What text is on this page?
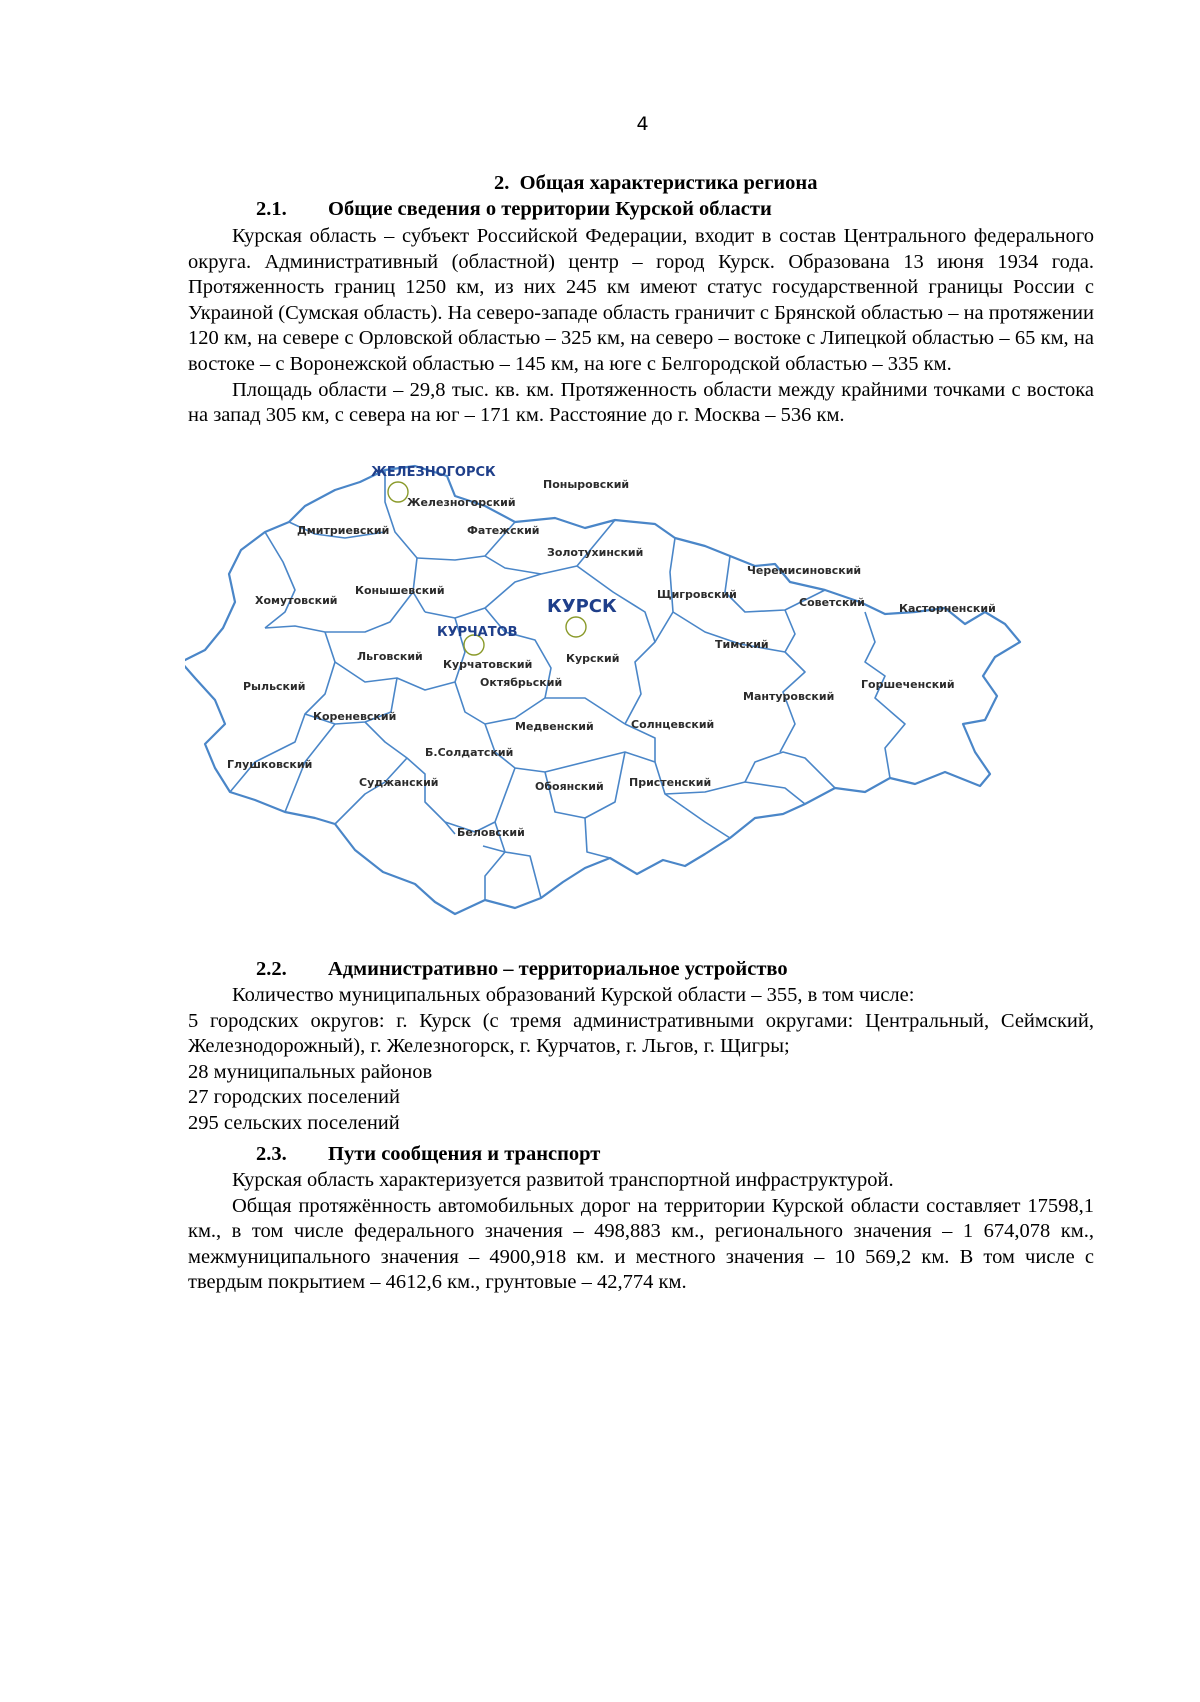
4
2. Общая характеристика региона
2.1. Общие сведения о территории Курской области

Курская область – субъект Российской Федерации, входит в состав Центрального федерального округа. Административный (областной) центр – город Курск. Образована 13 июня 1934 года. Протяженность границ 1250 км, из них 245 км имеют статус государственной границы России с Украиной (Сумская область). На северо-западе область граничит с Брянской областью – на протяжении 120 км, на севере с Орловской областью – 325 км, на северо – востоке с Липецкой областью – 65 км, на востоке – с Воронежской областью – 145 км, на юге с Белгородской областью – 335 км.

Площадь области – 29,8 тыс. кв. км. Протяженность области между крайними точками с востока на запад 305 км, с севера на юг – 171 км. Расстояние до г. Москва – 536 км.

ЖЕЛЕЗНОГОРСК
КУРЧАТОВ
КУРСК
Железногорский
Поныровский
Дмитриевский	Фатежский
Золотухинский
Черемисиновский
Хомутовский
Конышевский	Щигровский
Советский	Касторненский
Льговский
Курчатовский	Курский
Тимский
Октябрьский
Рыльский
Мантуровский
Горшеченский
Кореневский
Медвенский	Солнцевский
Глушковский
Б.Солдатский
Суджанский	Обоянский Пристенский
Беловский
2.2. Административно – территориальное устройство

Количество муниципальных образований Курской области – 355, в том числе:

5 городских округов: г. Курск (с тремя административными округами: Центральный, Сеймский, Железнодорожный), г. Железногорск, г. Курчатов, г. Льгов, г. Щигры;

28 муниципальных районов

27 городских поселений

295 сельских поселений

2.3. Пути сообщения и транспорт

Курская область характеризуется развитой транспортной инфраструктурой.

Общая протяжённость автомобильных дорог на территории Курской области составляет 17598,1 км., в том числе федерального значения – 498,883 км., регионального значения – 1 674,078 км., межмуниципального значения – 4900,918 км. и местного значения – 10 569,2 км. В том числе с твердым покрытием – 4612,6 км., грунтовые – 42,774 км.
